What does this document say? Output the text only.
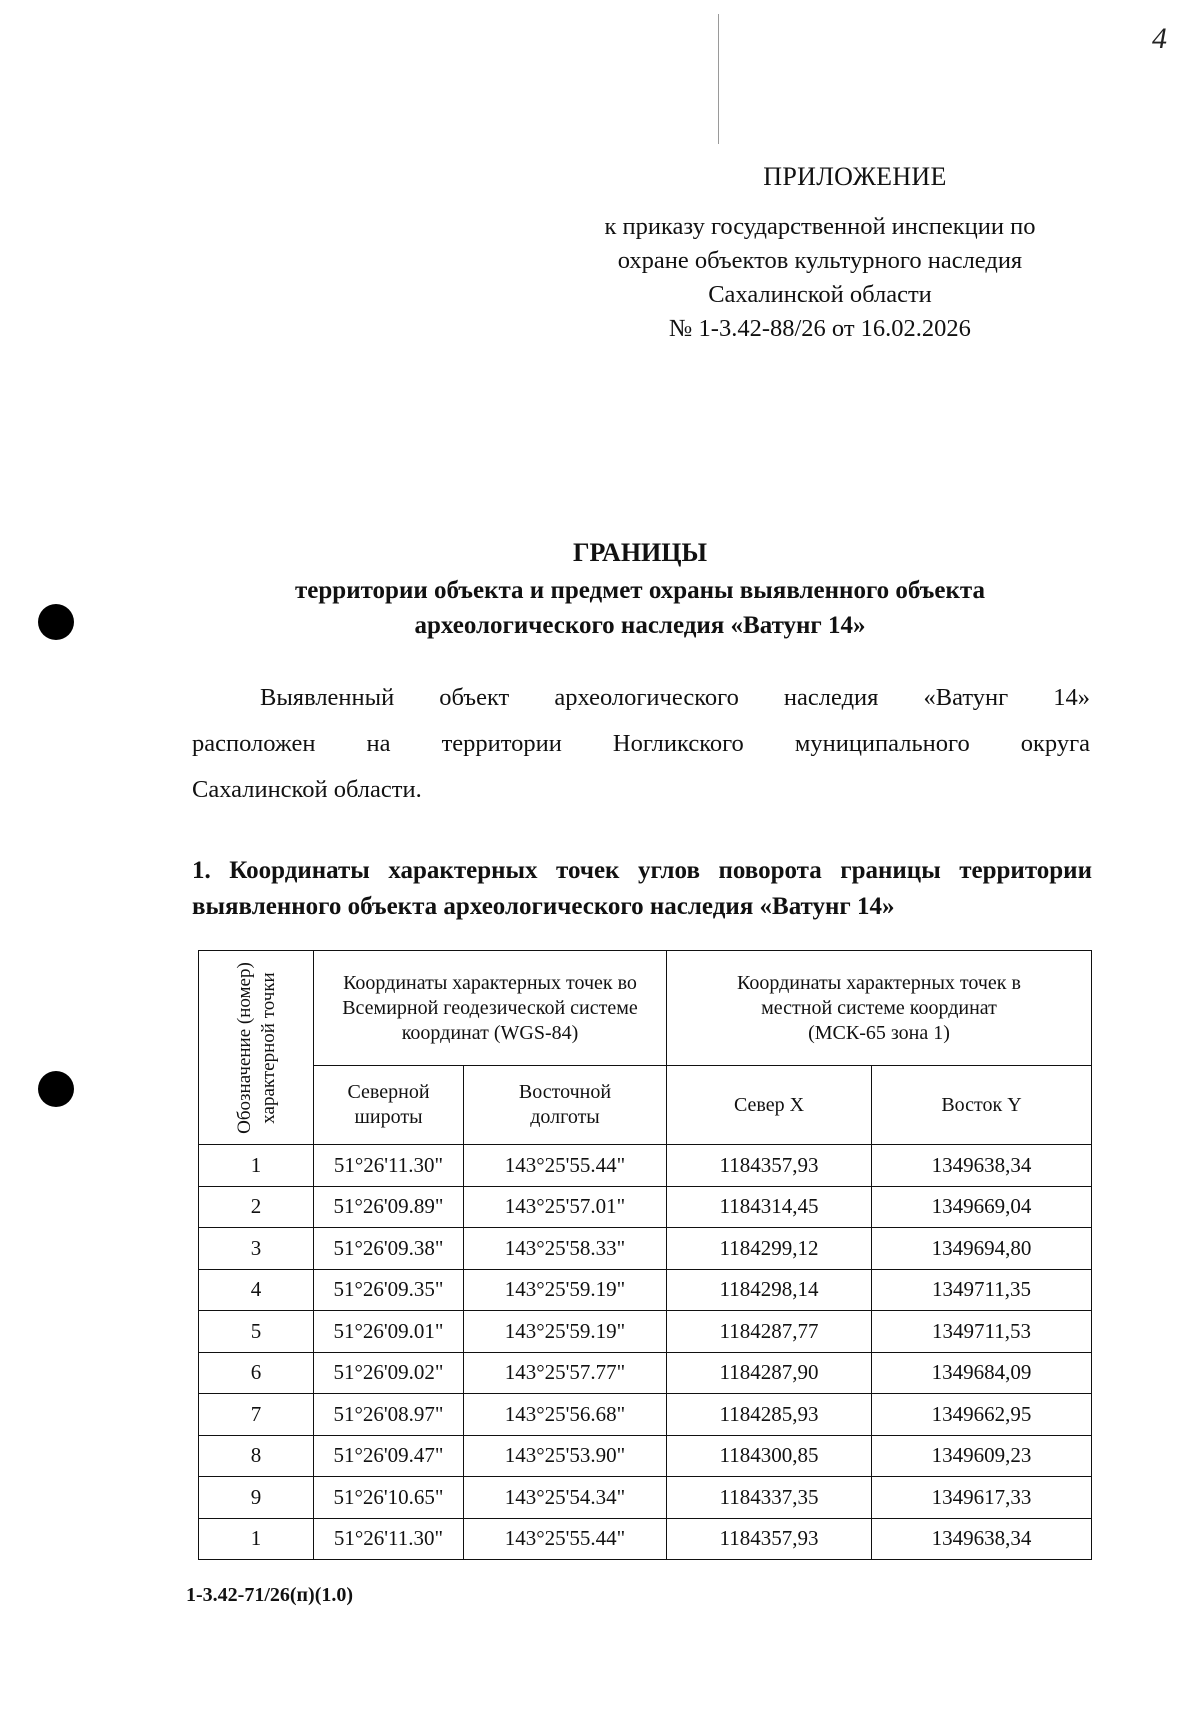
4
ПРИЛОЖЕНИЕ
к приказу государственной инспекции по
охране объектов культурного наследия
Сахалинской области
№ 1-3.42-88/26 от 16.02.2026
ГРАНИЦЫ
территории объекта и предмет охраны выявленного объекта
археологического наследия «Ватунг 14»
Выявленный объект археологического наследия «Ватунг 14»
расположен на территории Ногликского муниципального округа
Сахалинской области.
1. Координаты характерных точек углов поворота границы территории
выявленного объекта археологического наследия «Ватунг 14»
Обозначение (номер) характерной точки	Координаты характерных точек во Всемирной геодезической системе координат (WGS-84)		Координаты характерных точек в местной системе координат (МСК-65 зона 1)	
	Северной широты	Восточной долготы	Север X	Восток Y
1	51°26'11.30"	143°25'55.44"	1184357,93	1349638,34
2	51°26'09.89"	143°25'57.01"	1184314,45	1349669,04
3	51°26'09.38"	143°25'58.33"	1184299,12	1349694,80
4	51°26'09.35"	143°25'59.19"	1184298,14	1349711,35
5	51°26'09.01"	143°25'59.19"	1184287,77	1349711,53
6	51°26'09.02"	143°25'57.77"	1184287,90	1349684,09
7	51°26'08.97"	143°25'56.68"	1184285,93	1349662,95
8	51°26'09.47"	143°25'53.90"	1184300,85	1349609,23
9	51°26'10.65"	143°25'54.34"	1184337,35	1349617,33
1	51°26'11.30"	143°25'55.44"	1184357,93	1349638,34
1-3.42-71/26(п)(1.0)
